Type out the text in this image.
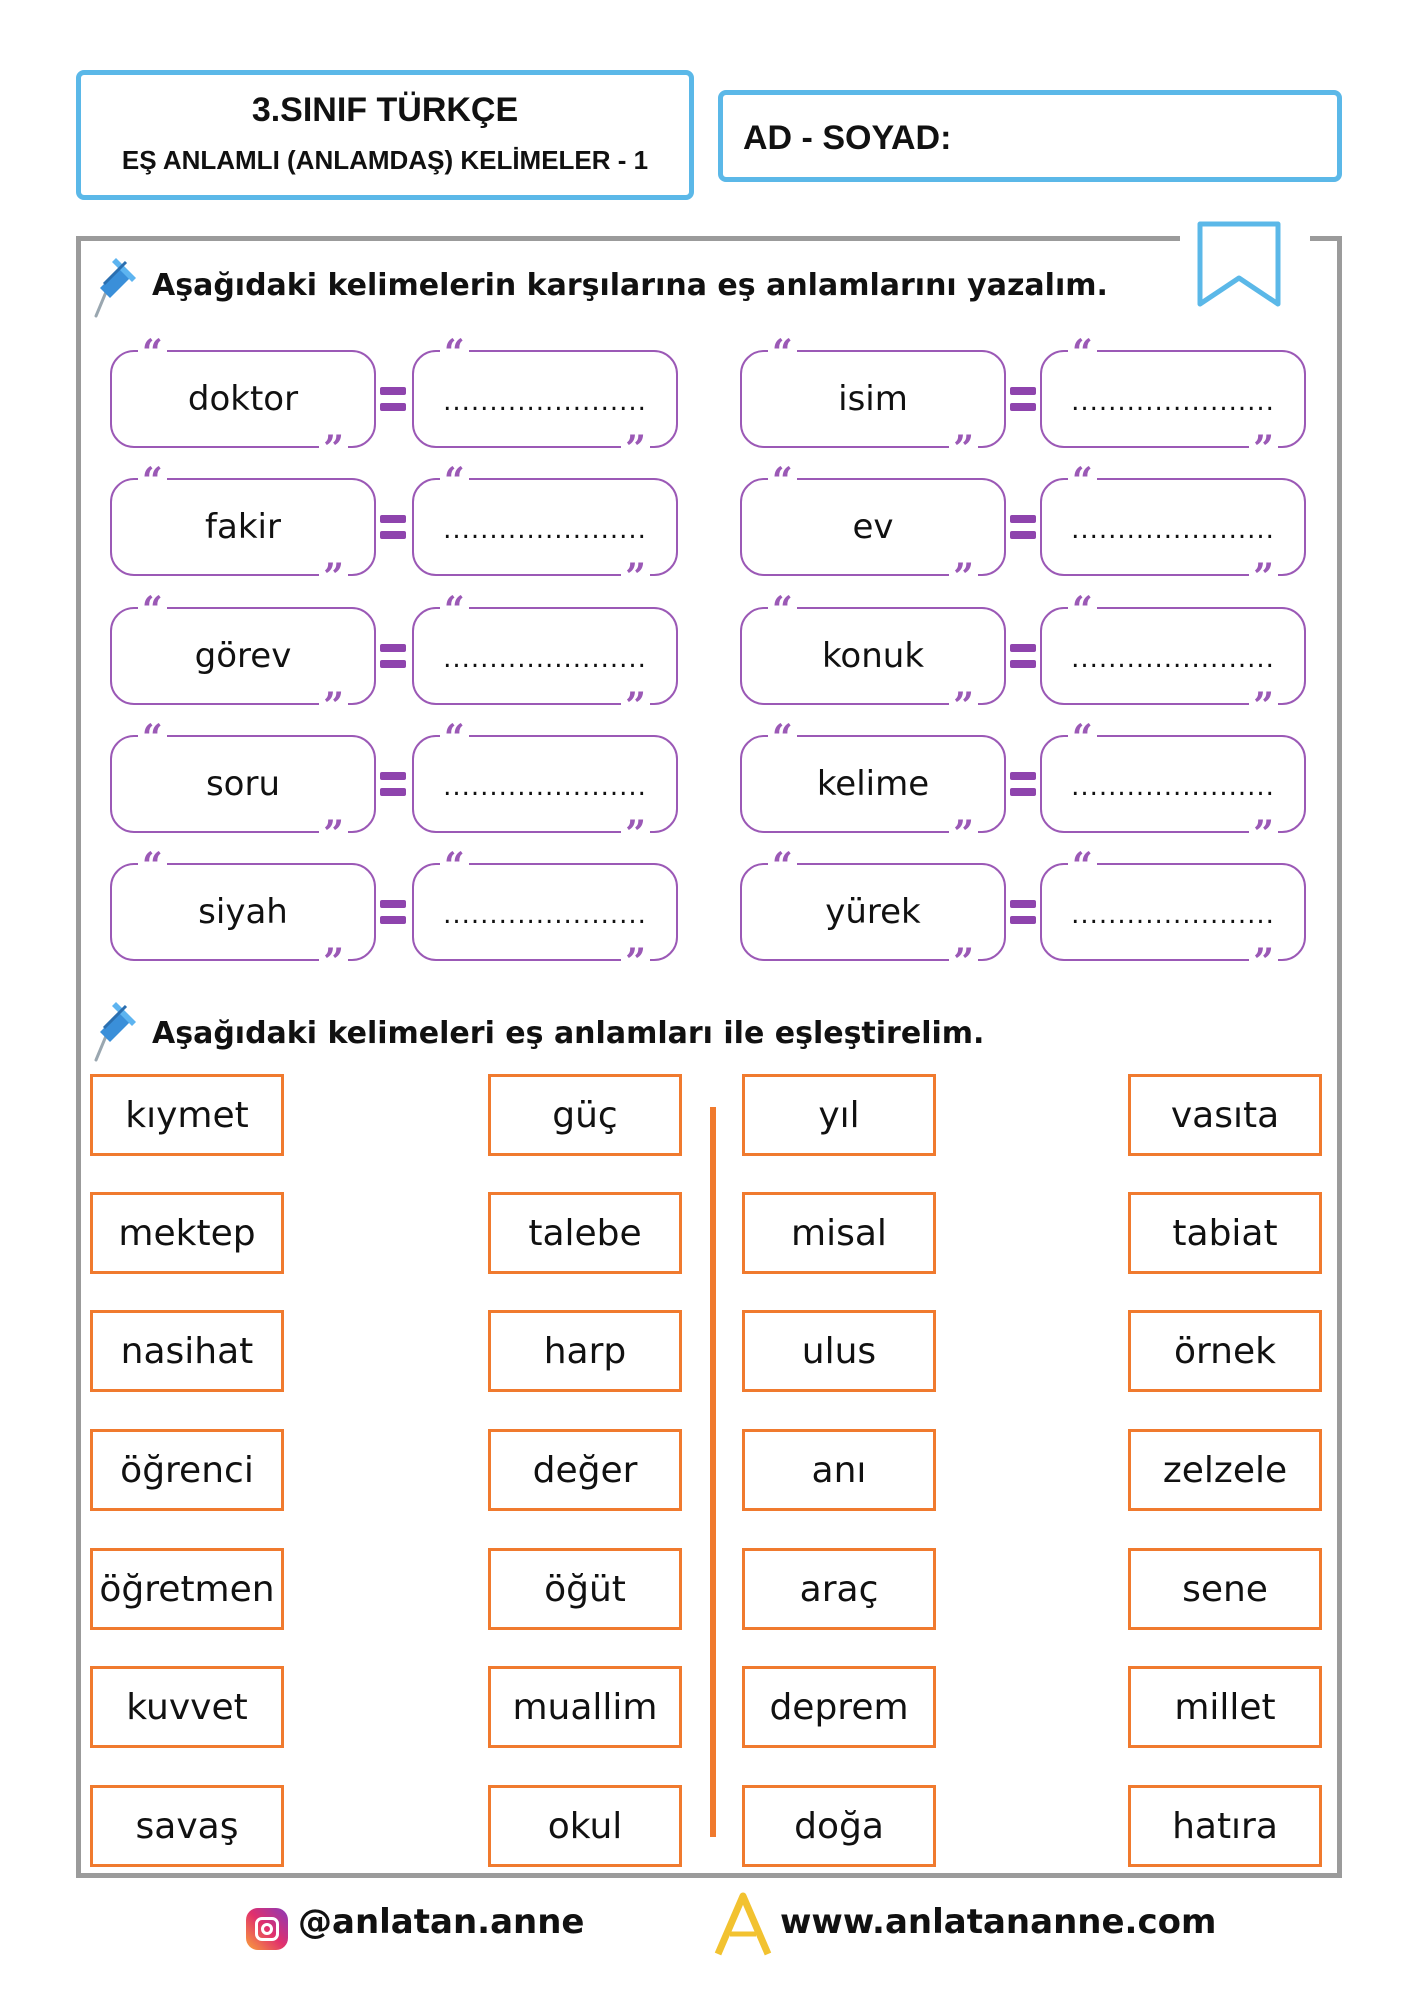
3.SINIF TÜRKÇE
EŞ ANLAMLI (ANLAMDAŞ) KELİMELER - 1
AD - SOYAD:
Aşağıdaki kelimelerin karşılarına eş anlamlarını yazalım.
“
doktor
”
“
......................
”
“
fakir
”
“
......................
”
“
görev
”
“
......................
”
“
soru
”
“
......................
”
“
siyah
”
“
......................
”
“
isim
”
“
......................
”
“
ev
”
“
......................
”
“
konuk
”
“
......................
”
“
kelime
”
“
......................
”
“
yürek
”
“
......................
”
Aşağıdaki kelimeleri eş anlamları ile eşleştirelim.
kıymet
mektep
nasihat
öğrenci
öğretmen
kuvvet
savaş
güç
talebe
harp
değer
öğüt
muallim
okul
yıl
misal
ulus
anı
araç
deprem
doğa
vasıta
tabiat
örnek
zelzele
sene
millet
hatıra
@anlatan.anne	www.anlatananne.com
